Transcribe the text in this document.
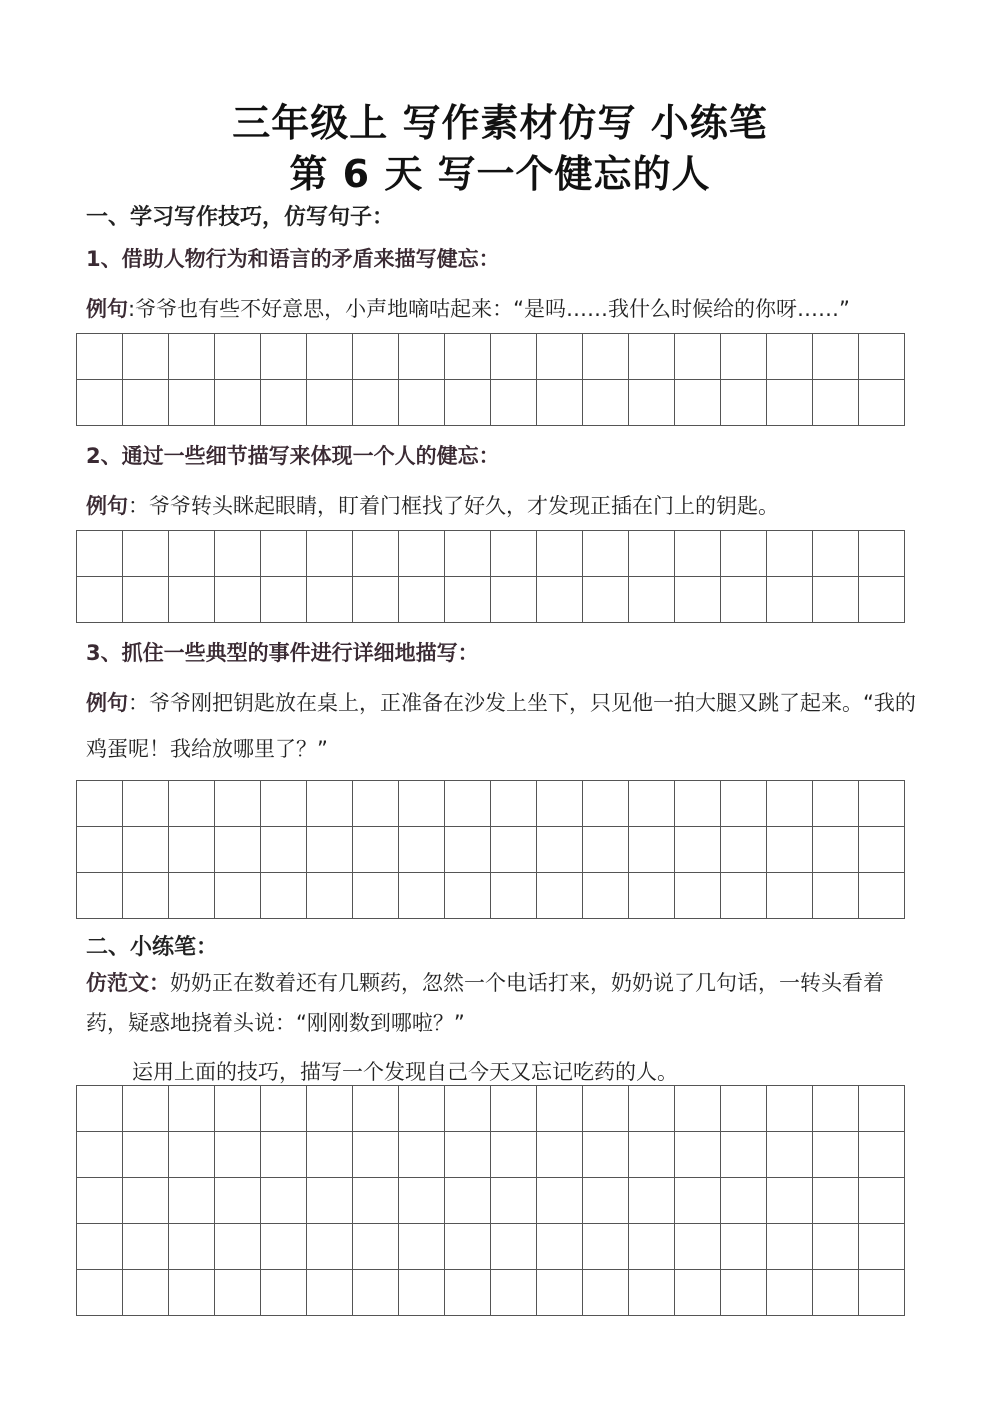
三年级上 写作素材仿写 小练笔
第 6 天 写一个健忘的人
一、学习写作技巧，仿写句子：
1、借助人物行为和语言的矛盾来描写健忘：
例句:爷爷也有些不好意思，小声地嘀咕起来：“是吗……我什么时候给的你呀……”
2、通过一些细节描写来体现一个人的健忘：
例句：爷爷转头眯起眼睛，盯着门框找了好久，才发现正插在门上的钥匙。
3、抓住一些典型的事件进行详细地描写：
例句：爷爷刚把钥匙放在桌上，正准备在沙发上坐下，只见他一拍大腿又跳了起来。“我的鸡蛋呢！我给放哪里了？”
二、小练笔：
仿范文：奶奶正在数着还有几颗药，忽然一个电话打来，奶奶说了几句话，一转头看着药，疑惑地挠着头说：“刚刚数到哪啦？”
运用上面的技巧，描写一个发现自己今天又忘记吃药的人。
